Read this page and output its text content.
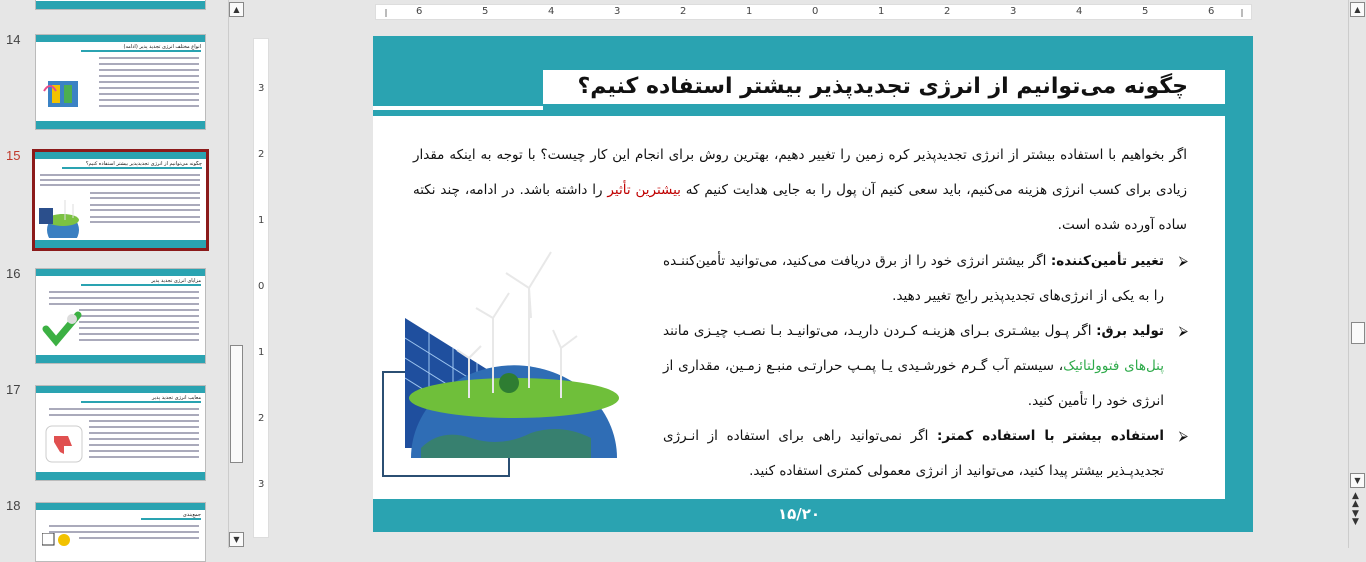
14	انواع مختلف انرژی تجدید پذیر (ادامه)
15
چگونه می‌توانیم از انرژی تجدیدپذیر بیشتر استفاده کنیم؟
16	مزایای انرژی تجدید پذیر
17
معایب انرژی تجدید پذیر
18
جمع‌بندی
▲
▼
6	5	4	3	2	1	0	1	2	3	4	5	6
3
2
1
0
1
2
3
چگونه می‌توانیم از انرژی تجدیدپذیر بیشتر استفاده کنیم؟
اگر بخواهیم با استفاده بیشتر از انرژی تجدیدپذیر کره زمین را تغییر دهیم، بهترین روش برای انجام این کار چیست؟ با توجه به اینکه مقدار زیادی برای کسب انرژی هزینه می‌کنیم، باید سعی کنیم آن پول را به جایی هدایت کنیم که بیشترین تأثیر را داشته باشد. در ادامه، چند نکته ساده آورده شده است.
⮚
تغییر تأمین‌کننده: اگر بیشتر انرژی خود را از برق دریافت می‌کنید، می‌توانید تأمین‌کننـده را به یکی از انرژی‌های تجدیدپذیر رایج تغییر دهید.
⮚
تولید برق: اگر پـول بیشـتری بـرای هزینـه کـردن داریـد، می‌توانیـد بـا نصـب چیـزی مانند پنل‌های فتوولتائیک، سیستم آب گـرم خورشـیدی یـا پمـپ حرارتـی منبـع زمـین، مقداری از انرژی خود را تأمین کنید.
⮚
استفاده بیشتر با استفاده کمتر: اگر نمی‌توانید راهی برای استفاده از انـرژی تجدیدپـذیر بیشتر پیدا کنید، می‌توانید از انرژی معمولی کمتری استفاده کنید.
۱۵/۲۰
▲
▼
▲
▲
▼
▼
